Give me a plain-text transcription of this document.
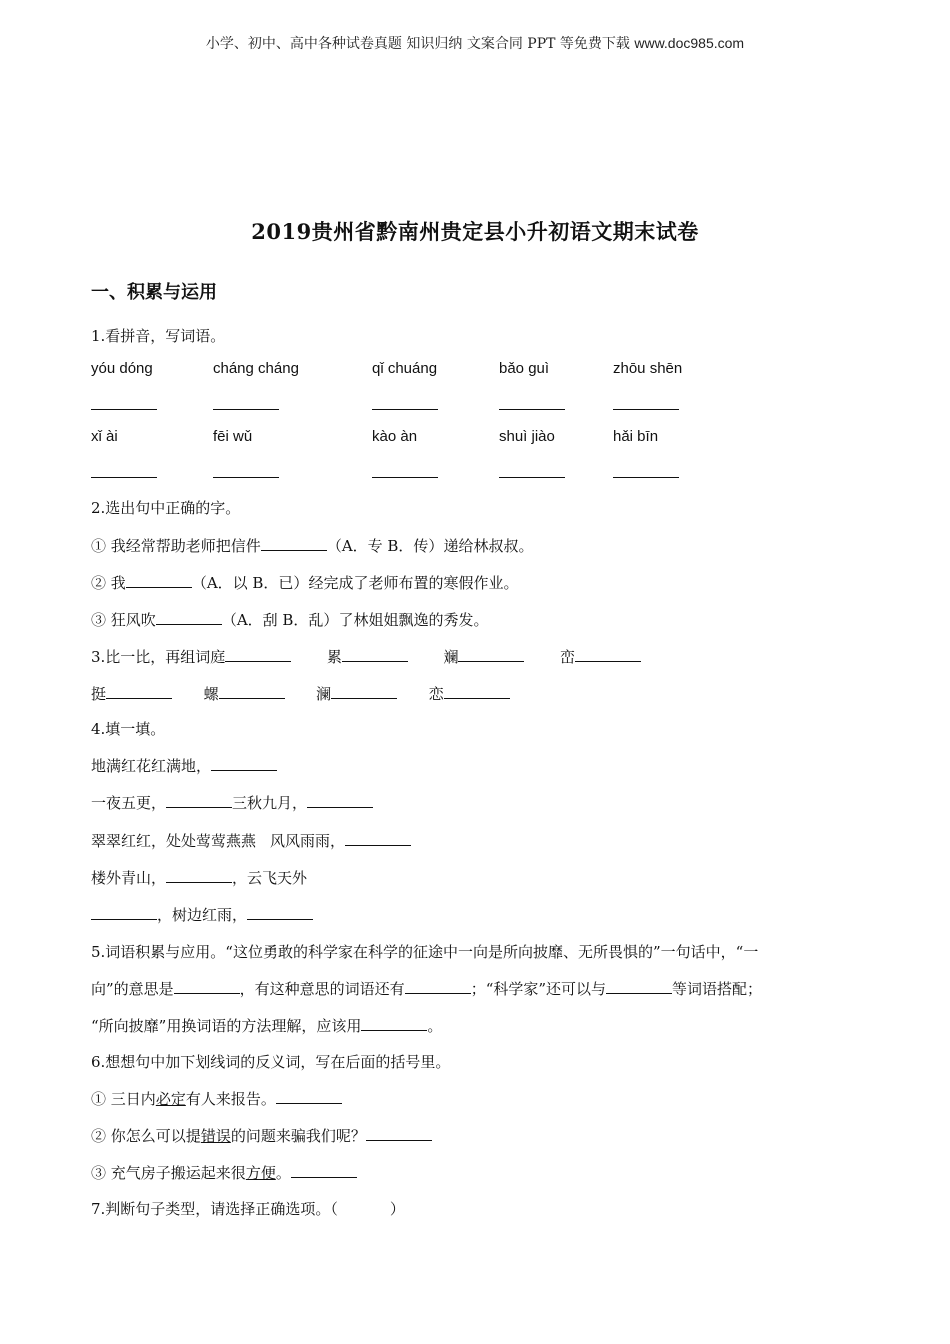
小学、初中、高中各种试卷真题 知识归纳 文案合同 PPT 等免费下载 www.doc985.com
2019贵州省黔南州贵定县小升初语文期末试卷
一、积累与运用
1.看拼音，写词语。
yóu dóng	cháng cháng	qǐ chuáng	bǎo guì	zhōu shēn
xǐ ài	fēi wǔ	kào àn	shuì jiào	hǎi bīn
2.选出句中正确的字。
① 我经常帮助老师把信件	（A．专 B．传）递给林叔叔。
② 我	（A．以 B．已）经完成了老师布置的寒假作业。
③ 狂风吹	（A．刮 B．乱）了林姐姐飘逸的秀发。
3.比一比，再组词庭	累	斓	峦
挺	螺	澜	恋
4.填一填。
地满红花红满地，
一夜五更，	三秋九月，
翠翠红红，处处莺莺燕燕 风风雨雨，
楼外青山，	，云飞天外
，树边红雨，
5.词语积累与应用。“这位勇敢的科学家在科学的征途中一向是所向披靡、无所畏惧的”一句话中，“一
向”的意思是	，有这种意思的词语还有	；“科学家”还可以与	等词语搭配；
“所向披靡”用换词语的方法理解，应该用	。
6.想想句中加下划线词的反义词，写在后面的括号里。
① 三日内必定有人来报告。
② 你怎么可以提错误的问题来骗我们呢？
③ 充气房子搬运起来很方便。
7.判断句子类型，请选择正确选项。（	）
